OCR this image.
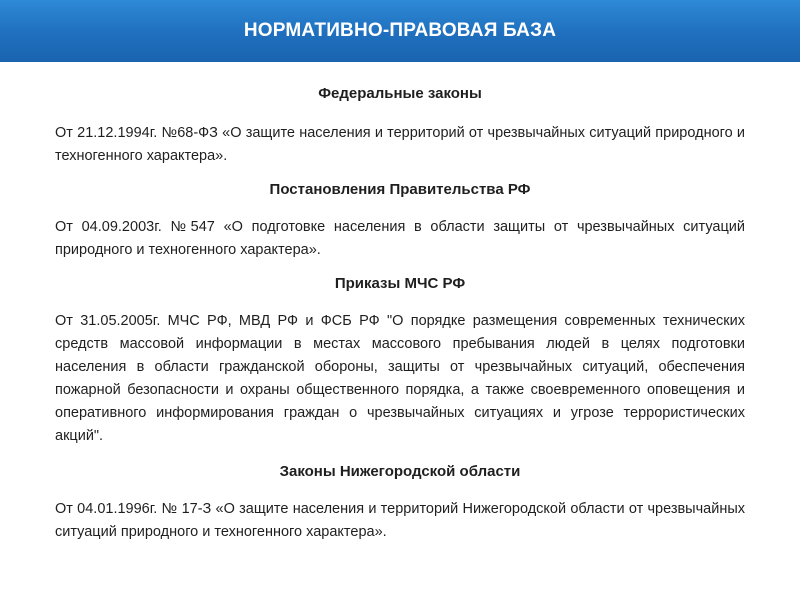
НОРМАТИВНО-ПРАВОВАЯ БАЗА
Федеральные законы

От 21.12.1994г. №68-ФЗ «О защите населения и территорий от чрезвычайных ситуаций природного и техногенного характера».

Постановления Правительства РФ

От 04.09.2003г. №547 «О подготовке населения в области защиты от чрезвычайных ситуаций природного и техногенного характера».

Приказы МЧС РФ

От 31.05.2005г. МЧС РФ, МВД РФ и ФСБ РФ "О порядке размещения современных технических средств массовой информации в местах массового пребывания людей в целях подготовки населения в области гражданской обороны, защиты от чрезвычайных ситуаций, обеспечения пожарной безопасности и охраны общественного порядка, а также своевременного оповещения и оперативного информирования граждан о чрезвычайных ситуациях и угрозе террористических акций".

Законы Нижегородской области

От 04.01.1996г. № 17-З «О защите населения и территорий Нижегородской области от чрезвычайных ситуаций природного и техногенного характера».
